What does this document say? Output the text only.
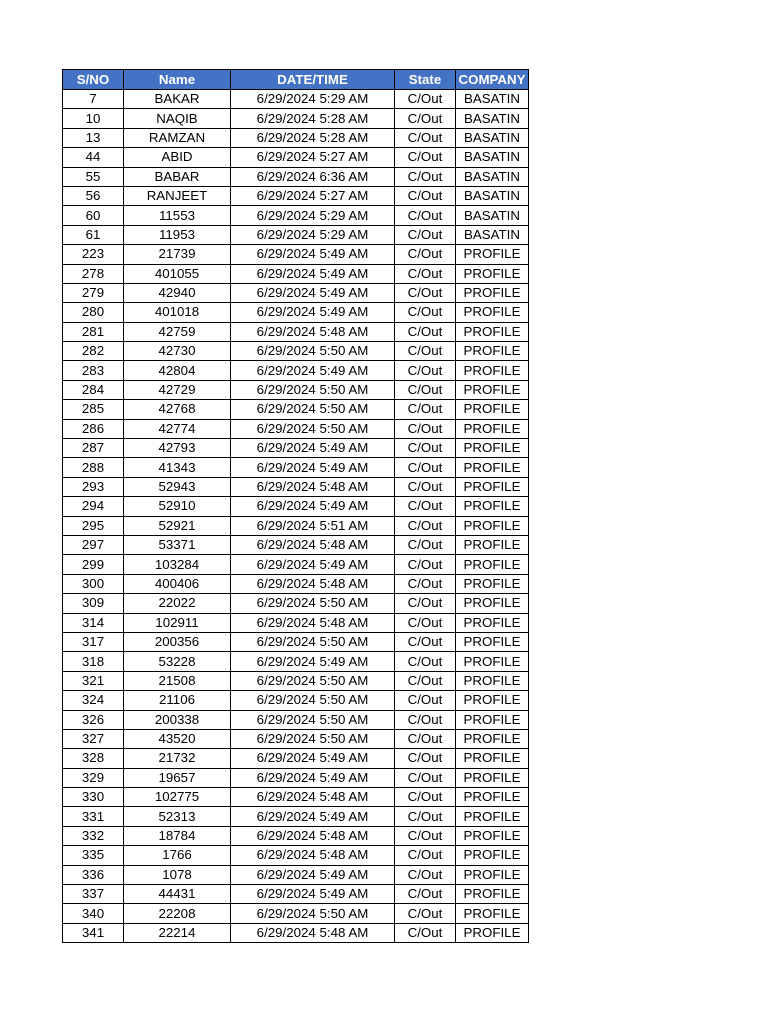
S/NO	Name	DATE/TIME	State	COMPANY
7	BAKAR	6/29/2024 5:29 AM	C/Out	BASATIN
10	NAQIB	6/29/2024 5:28 AM	C/Out	BASATIN
13	RAMZAN	6/29/2024 5:28 AM	C/Out	BASATIN
44	ABID	6/29/2024 5:27 AM	C/Out	BASATIN
55	BABAR	6/29/2024 6:36 AM	C/Out	BASATIN
56	RANJEET	6/29/2024 5:27 AM	C/Out	BASATIN
60	11553	6/29/2024 5:29 AM	C/Out	BASATIN
61	11953	6/29/2024 5:29 AM	C/Out	BASATIN
223	21739	6/29/2024 5:49 AM	C/Out	PROFILE
278	401055	6/29/2024 5:49 AM	C/Out	PROFILE
279	42940	6/29/2024 5:49 AM	C/Out	PROFILE
280	401018	6/29/2024 5:49 AM	C/Out	PROFILE
281	42759	6/29/2024 5:48 AM	C/Out	PROFILE
282	42730	6/29/2024 5:50 AM	C/Out	PROFILE
283	42804	6/29/2024 5:49 AM	C/Out	PROFILE
284	42729	6/29/2024 5:50 AM	C/Out	PROFILE
285	42768	6/29/2024 5:50 AM	C/Out	PROFILE
286	42774	6/29/2024 5:50 AM	C/Out	PROFILE
287	42793	6/29/2024 5:49 AM	C/Out	PROFILE
288	41343	6/29/2024 5:49 AM	C/Out	PROFILE
293	52943	6/29/2024 5:48 AM	C/Out	PROFILE
294	52910	6/29/2024 5:49 AM	C/Out	PROFILE
295	52921	6/29/2024 5:51 AM	C/Out	PROFILE
297	53371	6/29/2024 5:48 AM	C/Out	PROFILE
299	103284	6/29/2024 5:49 AM	C/Out	PROFILE
300	400406	6/29/2024 5:48 AM	C/Out	PROFILE
309	22022	6/29/2024 5:50 AM	C/Out	PROFILE
314	102911	6/29/2024 5:48 AM	C/Out	PROFILE
317	200356	6/29/2024 5:50 AM	C/Out	PROFILE
318	53228	6/29/2024 5:49 AM	C/Out	PROFILE
321	21508	6/29/2024 5:50 AM	C/Out	PROFILE
324	21106	6/29/2024 5:50 AM	C/Out	PROFILE
326	200338	6/29/2024 5:50 AM	C/Out	PROFILE
327	43520	6/29/2024 5:50 AM	C/Out	PROFILE
328	21732	6/29/2024 5:49 AM	C/Out	PROFILE
329	19657	6/29/2024 5:49 AM	C/Out	PROFILE
330	102775	6/29/2024 5:48 AM	C/Out	PROFILE
331	52313	6/29/2024 5:49 AM	C/Out	PROFILE
332	18784	6/29/2024 5:48 AM	C/Out	PROFILE
335	1766	6/29/2024 5:48 AM	C/Out	PROFILE
336	1078	6/29/2024 5:49 AM	C/Out	PROFILE
337	44431	6/29/2024 5:49 AM	C/Out	PROFILE
340	22208	6/29/2024 5:50 AM	C/Out	PROFILE
341	22214	6/29/2024 5:48 AM	C/Out	PROFILE
